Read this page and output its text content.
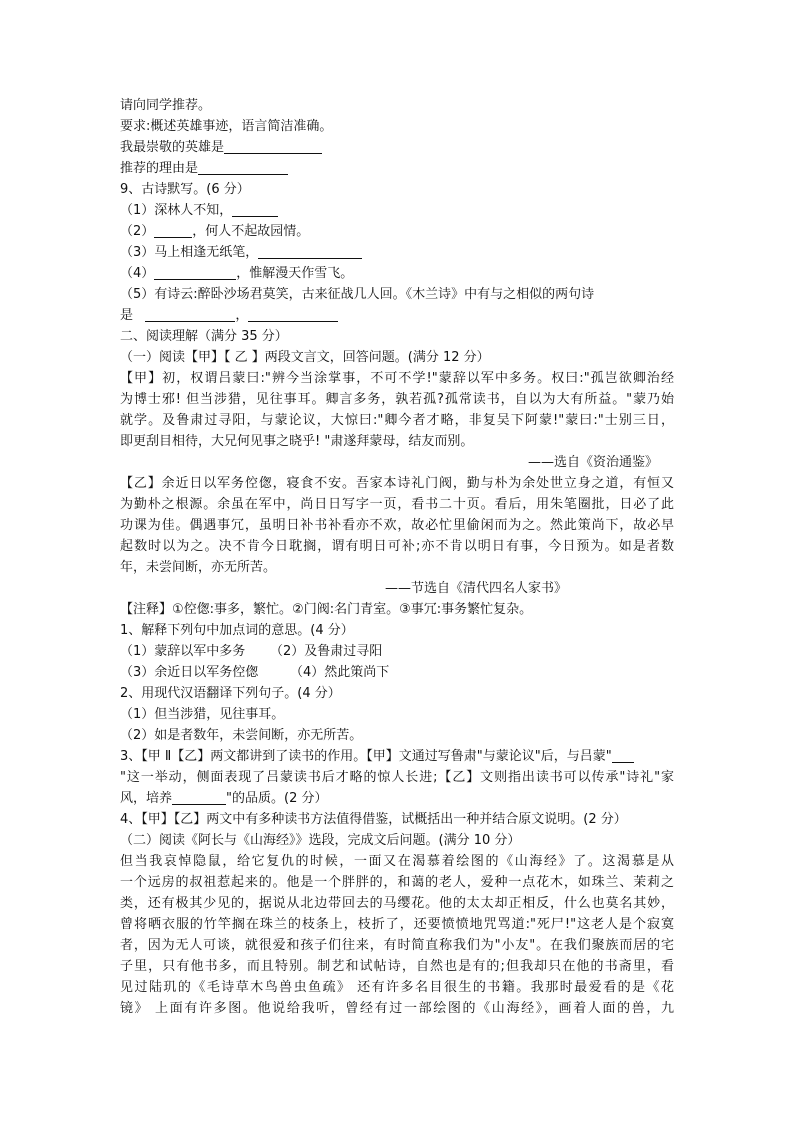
请向同学推荐。
要求:概述英雄事迹，语言简洁准确。
我最崇敬的英雄是
推荐的理由是
9、古诗默写。(6 分）
（1）深林人不知，
（2）	，何人不起故园情。
（3）马上相逢无纸笔，
（4）	，惟解漫天作雪飞。
（5）有诗云:醉卧沙场君莫笑，古来征战几人回。《木兰诗》中有与之相似的两句诗
是	，
二、阅读理解（满分 35 分）
（一）阅读【甲】【 乙 】两段文言文，回答问题。(满分 12 分）
【甲】初，权谓吕蒙曰:"辨今当涂掌事，不可不学!"蒙辞以军中多务。权曰:"孤岂欲卿治经
为博士邪! 但当涉猎，见往事耳。卿言多务，孰若孤?孤常读书，自以为大有所益。"蒙乃始
就学。及鲁肃过寻阳，与蒙论议，大惊曰:"卿今者才略，非复吴下阿蒙!"蒙曰:"士别三日，
即更刮目相待，大兄何见事之晓乎! "肃遂拜蒙母，结友而别。
——选自《资治通鉴》
【乙】余近日以军务倥偬，寝食不安。吾家本诗礼门阀，勤与朴为余处世立身之道，有恒又
为勤朴之根源。余虽在军中，尚日日写字一页，看书二十页。看后，用朱笔圈批，日必了此
功课为佳。偶遇事冗，虽明日补书补看亦不欢，故必忙里偷闲而为之。然此策尚下，故必早
起数时以为之。决不肯今日耽搁，谓有明日可补;亦不肯以明日有事，今日预为。如是者数
年，未尝间断，亦无所苦。
——节选自《清代四名人家书》
【注释】①倥偬:事多，繁忙。②门阀:名门青室。③事冗:事务繁忙复杂。
1、解释下列句中加点词的意思。(4 分）
（1）蒙辞以军中多务 （2）及鲁肃过寻阳
（3）余近日以军务倥偬 （4）然此策尚下
2、用现代汉语翻译下列句子。(4 分）
（1）但当涉猎，见往事耳。
（2）如是者数年，未尝间断，亦无所苦。
3、【甲 Ⅱ【乙】两文都讲到了读书的作用。【甲】文通过写鲁肃"与蒙论议"后，与吕蒙"
"这一举动，侧面表现了吕蒙读书后才略的惊人长进;【乙】文则指出读书可以传承"诗礼"家
风，培养	"的品质。(2 分）
4、【甲】【乙】两文中有多种读书方法值得借鉴，试概括出一种并结合原文说明。(2 分）
（二）阅读《阿长与《山海经》》选段，完成文后问题。(满分 10 分）
但当我哀悼隐鼠，给它复仇的时候，一面又在渴慕着绘图的《山海经》了。这渴慕是从
一个远房的叔祖惹起来的。他是一个胖胖的，和蔼的老人，爱种一点花木，如珠兰、茉莉之
类，还有极其少见的，据说从北边带回去的马缨花。他的太太却正相反，什么也莫名其妙，
曾将晒衣服的竹竿搁在珠兰的枝条上，枝折了，还要愤愤地咒骂道:"死尸!"这老人是个寂寞
者，因为无人可谈，就很爱和孩子们往来，有时简直称我们为"小友"。在我们聚族而居的宅
子里，只有他书多，而且特别。制艺和试帖诗，自然也是有的;但我却只在他的书斋里，看
见过陆玑的《毛诗草木鸟兽虫鱼疏》 还有许多名目很生的书籍。我那时最爱看的是《花
镜》 上面有许多图。他说给我听，曾经有过一部绘图的《山海经》，画着人面的兽，九
